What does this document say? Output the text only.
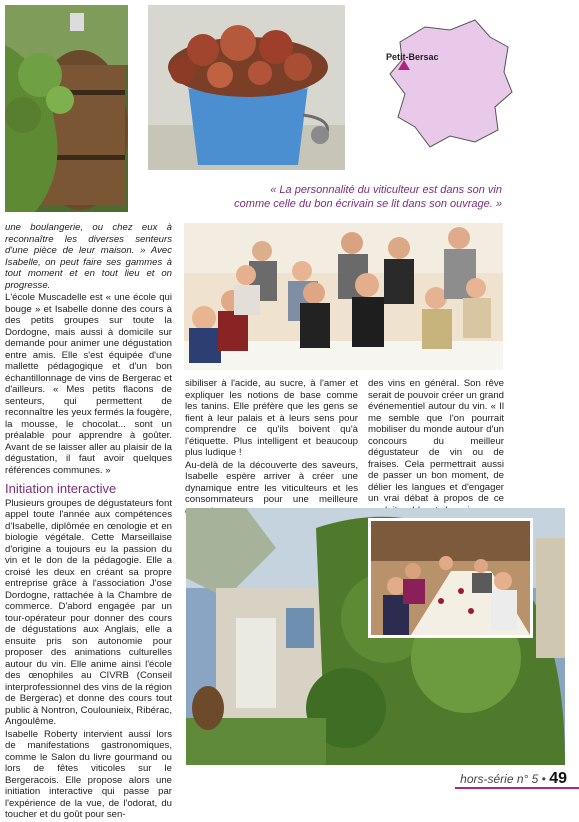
Petit-Bersac
« La personnalité du viticulteur est dans son vin comme celle du bon écrivain se lit dans son ouvrage. »

une boulangerie, ou chez eux à reconnaître les diverses senteurs d'une pièce de leur maison. » Avec Isabelle, on peut faire ses gammes à tout moment et en tout lieu et on progresse.

L'école Muscadelle est « une école qui bouge » et Isabelle donne des cours à des petits groupes sur toute la Dordogne, mais aussi à domicile sur demande pour animer une dégustation entre amis. Elle s'est équipée d'une mallette pédagogique et d'un bon échantillonnage de vins de Bergerac et d'ailleurs. « Mes petits flacons de senteurs, qui permettent de reconnaître les yeux fermés la fougère, la mousse, le chocolat... sont un préalable pour apprendre à goûter. Avant de se laisser aller au plaisir de la dégustation, il faut avoir quelques références communes. »

Initiation interactive

Plusieurs groupes de dégustateurs font appel toute l'année aux compétences d'Isabelle, diplômée en œnologie et en biologie végétale. Cette Marseillaise d'origine a toujours eu la passion du vin et le don de la pédagogie. Elle a croisé les deux en créant sa propre entreprise grâce à l'association J'ose Dordogne, rattachée à la Chambre de commerce. D'abord engagée par un tour-opérateur pour donner des cours de dégustations aux Anglais, elle a ensuite pris son autonomie pour proposer des animations culturelles autour du vin. Elle anime ainsi l'école des œnophiles au CIVRB (Conseil interprofessionnel des vins de la région de Bergerac) et donne des cours tout public à Nontron, Coulounieix, Ribérac, Angoulême.

Isabelle Roberty intervient aussi lors de manifestations gastronomiques, comme le Salon du livre gourmand ou lors de fêtes viticoles sur le Bergeracois. Elle propose alors une initiation interactive qui passe par l'expérience de la vue, de l'odorat, du toucher et du goût pour sen-

sibiliser à l'acide, au sucre, à l'amer et expliquer les notions de base comme les tanins. Elle préfère que les gens se fient à leur palais et à leurs sens pour comprendre ce qu'ils boivent qu'à l'étiquette. Plus intelligent et beaucoup plus ludique !

Au-delà de la découverte des saveurs, Isabelle espère arriver à créer une dynamique entre les viticulteurs et les consommateurs pour une meilleure

des vins en général. Son rêve serait de pouvoir créer un grand événementiel autour du vin. « Il me semble que l'on pourrait mobiliser du monde autour d'un concours du meilleur dégustateur de vin ou de fraises. Cela permettrait aussi de passer un bon moment, de délier les langues et d'engager un vrai débat à propos de ce

hors-série n° 5 • 49
